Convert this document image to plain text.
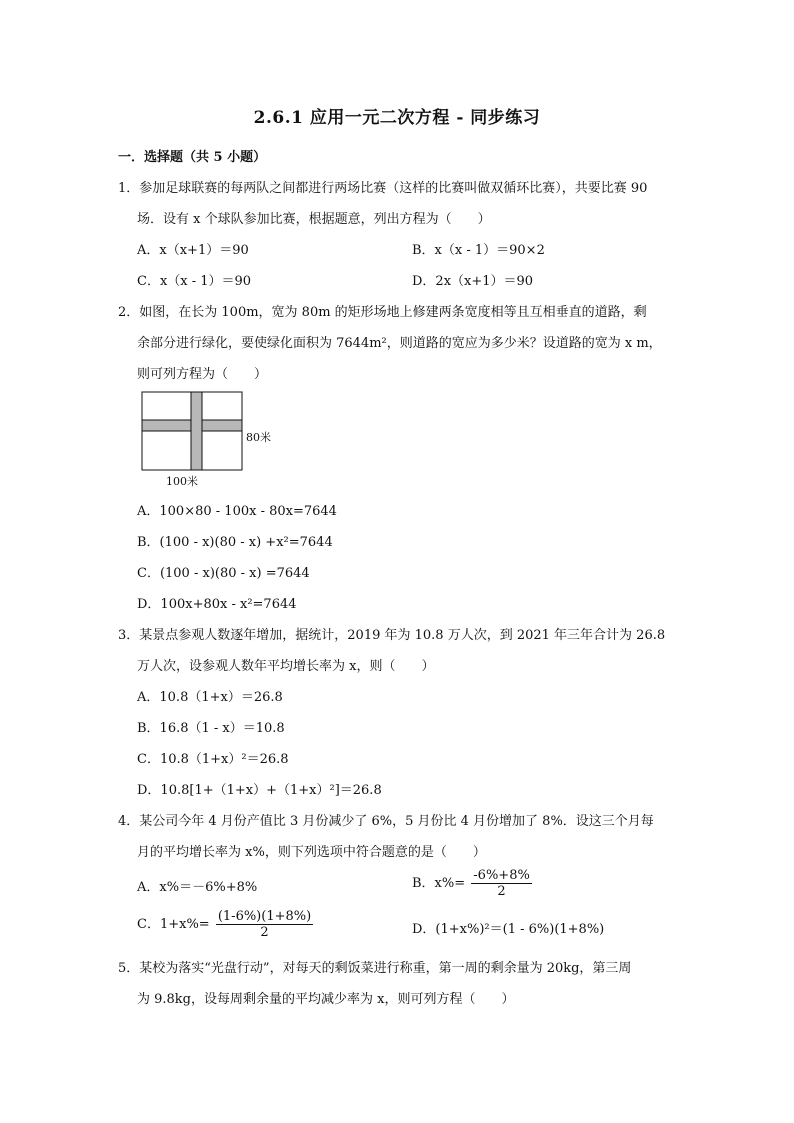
2.6.1 应用一元二次方程 - 同步练习
一．选择题（共 5 小题）
1．参加足球联赛的每两队之间都进行两场比赛（这样的比赛叫做双循环比赛），共要比赛 90
场．设有 x 个球队参加比赛，根据题意，列出方程为（　　）
A．x（x+1）＝90	B．x（x - 1）＝90×2
C．x（x - 1）＝90	D．2x（x+1）＝90
2．如图，在长为 100m，宽为 80m 的矩形场地上修建两条宽度相等且互相垂直的道路，剩
余部分进行绿化，要使绿化面积为 7644m²，则道路的宽应为多少米？设道路的宽为 x m，
则可列方程为（　　）
80米
100米
A．100×80 - 100x - 80x=7644
B．(100 - x)(80 - x) +x²=7644
C．(100 - x)(80 - x) =7644
D．100x+80x - x²=7644
3．某景点参观人数逐年增加，据统计，2019 年为 10.8 万人次，到 2021 年三年合计为 26.8
万人次，设参观人数年平均增长率为 x，则（　　）
A．10.8（1+x）＝26.8
B．16.8（1 - x）＝10.8
C．10.8（1+x）²＝26.8
D．10.8[1+（1+x）+（1+x）²]＝26.8
4．某公司今年 4 月份产值比 3 月份减少了 6%，5 月份比 4 月份增加了 8%．设这三个月每
月的平均增长率为 x%，则下列选项中符合题意的是（　　）
A．x%＝－6%+8%	B．$x\%= \frac{-6\%+8\%}{2}$
C．$1+x\%= \frac{(1-6\%)(1+8\%)}{2}$	D．(1+x%)²＝(1 - 6%)(1+8%)
5．某校为落实“光盘行动”，对每天的剩饭菜进行称重，第一周的剩余量为 20kg，第三周
为 9.8kg，设每周剩余量的平均减少率为 x，则可列方程（　　）
